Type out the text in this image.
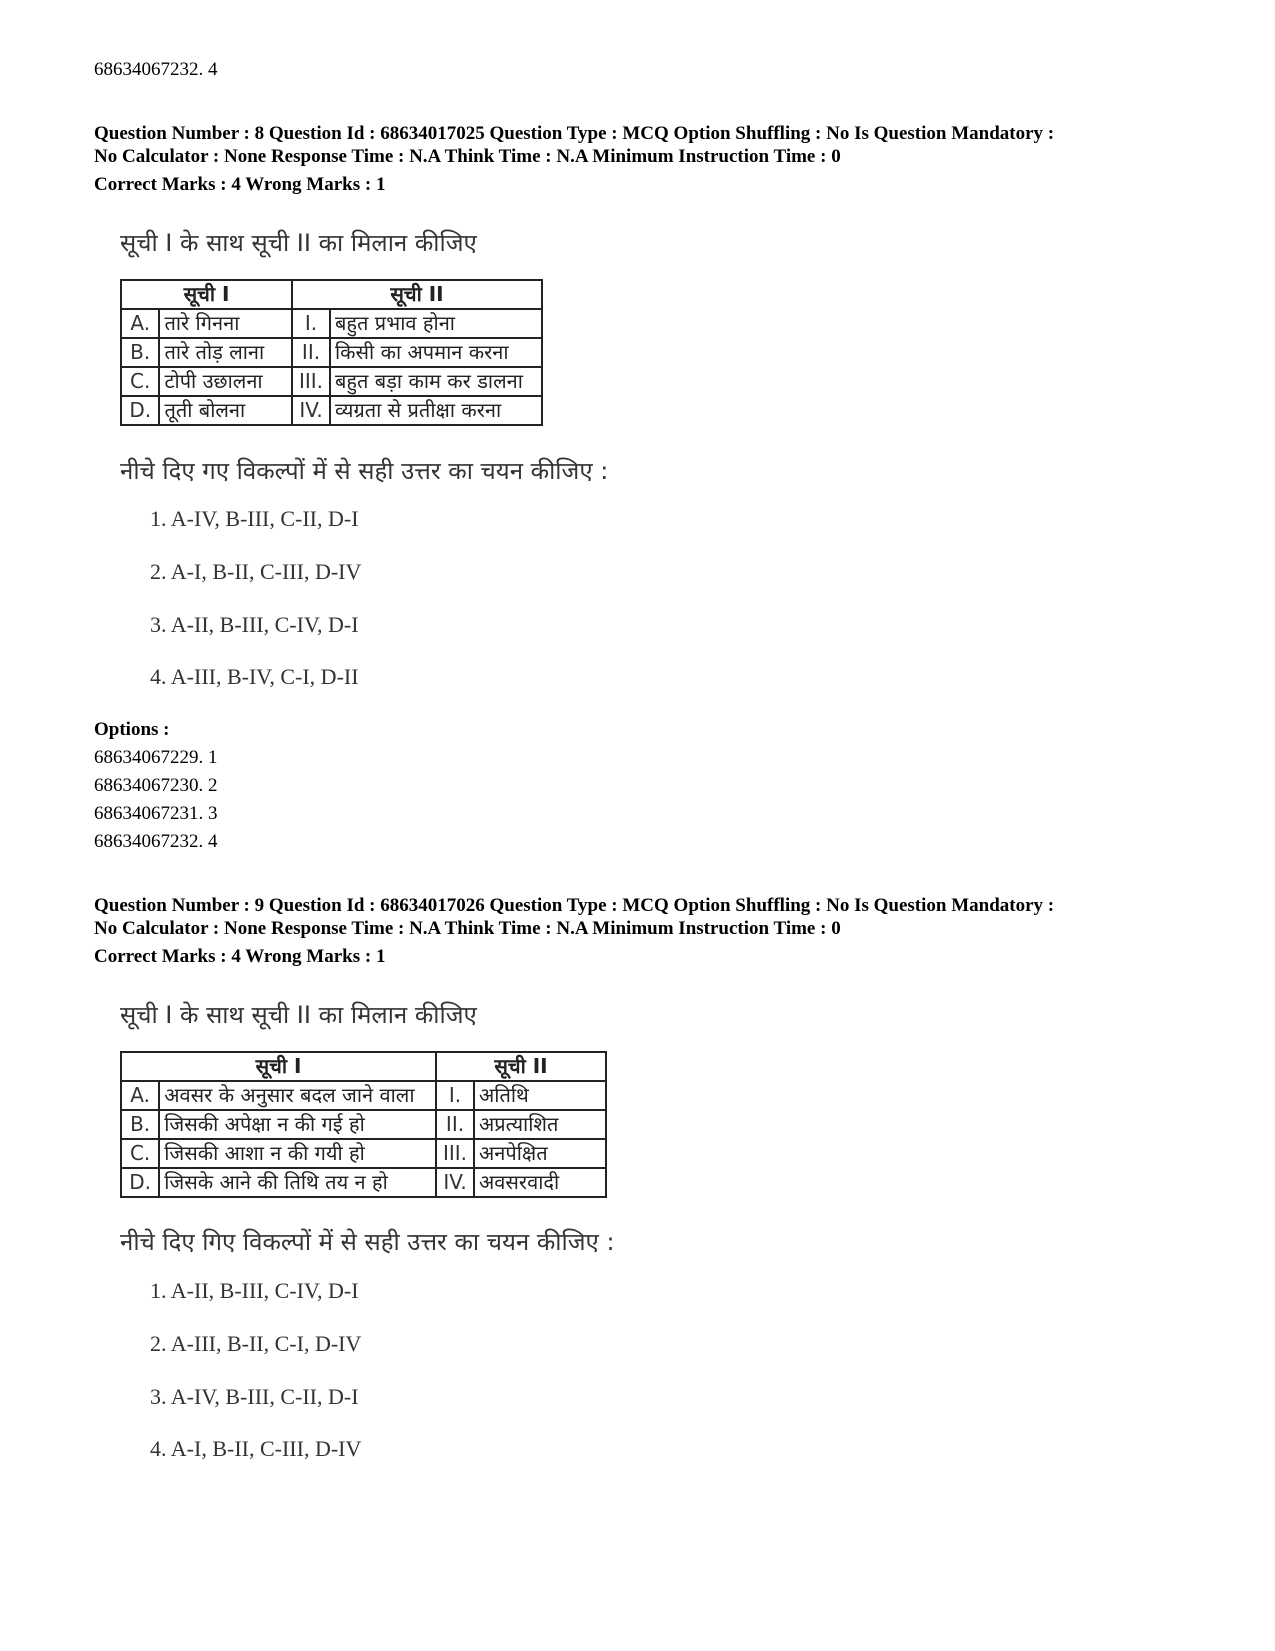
68634067232. 4
Question Number : 8 Question Id : 68634017025 Question Type : MCQ Option Shuffling : No Is Question Mandatory :
No Calculator : None Response Time : N.A Think Time : N.A Minimum Instruction Time : 0
Correct Marks : 4 Wrong Marks : 1
सूची I के साथ सूची II का मिलान कीजिए
सूची I		सूची II	
A.	तारे गिनना	I.	बहुत प्रभाव होना
B.	तारे तोड़ लाना	II.	किसी का अपमान करना
C.	टोपी उछालना	III.	बहुत बड़ा काम कर डालना
D.	तूती बोलना	IV.	व्यग्रता से प्रतीक्षा करना
नीचे दिए गए विकल्पों में से सही उत्तर का चयन कीजिए :
1. A-IV, B-III, C-II, D-I
2. A-I, B-II, C-III, D-IV
3. A-II, B-III, C-IV, D-I
4. A-III, B-IV, C-I, D-II
Options :
68634067229. 1
68634067230. 2
68634067231. 3
68634067232. 4
Question Number : 9 Question Id : 68634017026 Question Type : MCQ Option Shuffling : No Is Question Mandatory :
No Calculator : None Response Time : N.A Think Time : N.A Minimum Instruction Time : 0
Correct Marks : 4 Wrong Marks : 1
सूची I के साथ सूची II का मिलान कीजिए
सूची I		सूची II	
A.	अवसर के अनुसार बदल जाने वाला	I.	अतिथि
B.	जिसकी अपेक्षा न की गई हो	II.	अप्रत्याशित
C.	जिसकी आशा न की गयी हो	III.	अनपेक्षित
D.	जिसके आने की तिथि तय न हो	IV.	अवसरवादी
नीचे दिए गिए विकल्पों में से सही उत्तर का चयन कीजिए :
1. A-II, B-III, C-IV, D-I
2. A-III, B-II, C-I, D-IV
3. A-IV, B-III, C-II, D-I
4. A-I, B-II, C-III, D-IV
